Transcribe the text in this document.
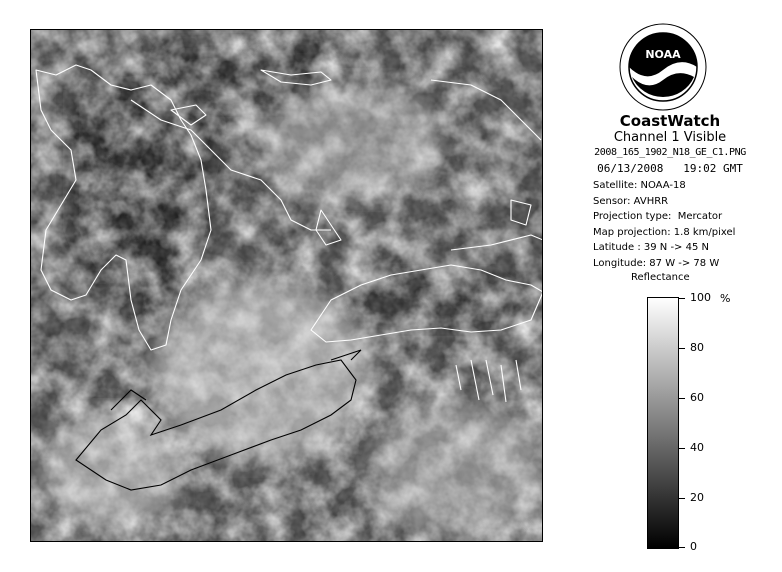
NOAA
CoastWatch
Channel 1 Visible
2008_165_1902_N18_GE_C1.PNG
06/13/2008   19:02 GMT
Satellite: NOAA-18
Sensor: AVHRR
Projection type:  Mercator
Map projection: 1.8 km/pixel
Latitude : 39 N -> 45 N
Longitude: 87 W -> 78 W
Reflectance
%
100
80
60
40
20
0
